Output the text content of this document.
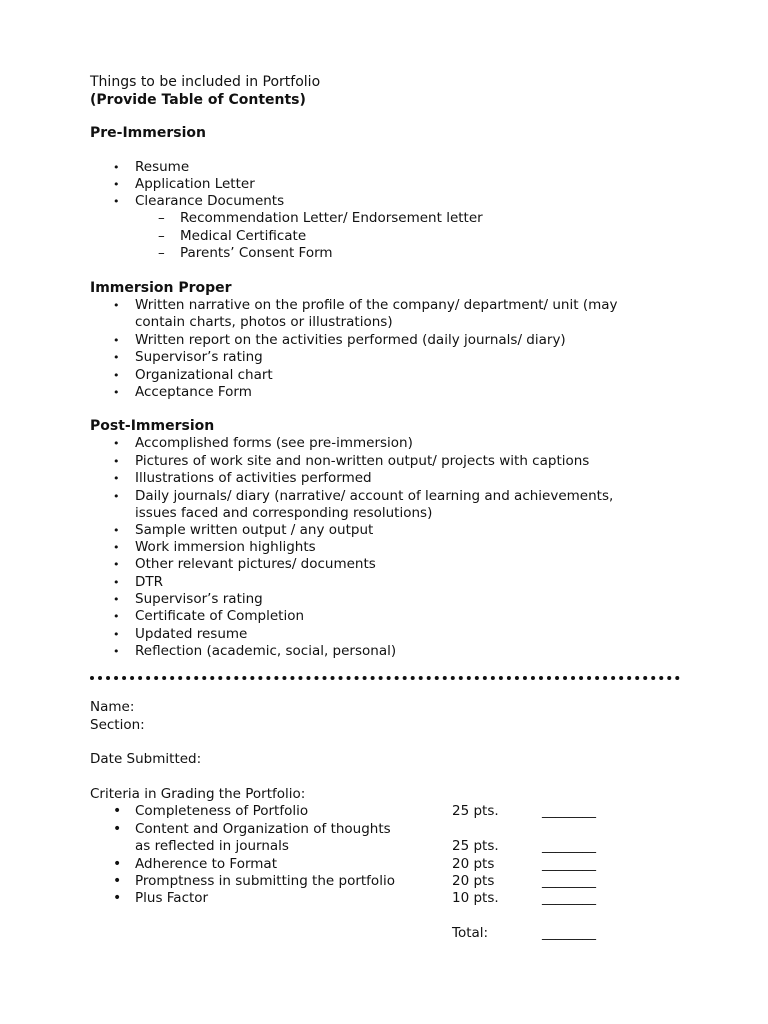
Things to be included in Portfolio
(Provide Table of Contents)
Pre-Immersion
• Resume
• Application Letter
• Clearance Documents
– Recommendation Letter/ Endorsement letter
– Medical Certificate
– Parents’ Consent Form
Immersion Proper
• Written narrative on the profile of the company/ department/ unit (may
contain charts, photos or illustrations)
• Written report on the activities performed (daily journals/ diary)
• Supervisor’s rating
• Organizational chart
• Acceptance Form
Post-Immersion
• Accomplished forms (see pre-immersion)
• Pictures of work site and non-written output/ projects with captions
• Illustrations of activities performed
• Daily journals/ diary (narrative/ account of learning and achievements,
issues faced and corresponding resolutions)
• Sample written output / any output
• Work immersion highlights
• Other relevant pictures/ documents
• DTR
• Supervisor’s rating
• Certificate of Completion
• Updated resume
• Reflection (academic, social, personal)
Name:
Section:
Date Submitted:
Criteria in Grading the Portfolio:
• Completeness of Portfolio	25 pts.	________
• Content and Organization of thoughts
as reflected in journals	25 pts.	________
• Adherence to Format	20 pts	________
• Promptness in submitting the portfolio	20 pts	________
• Plus Factor	10 pts.	________
Total:	________
